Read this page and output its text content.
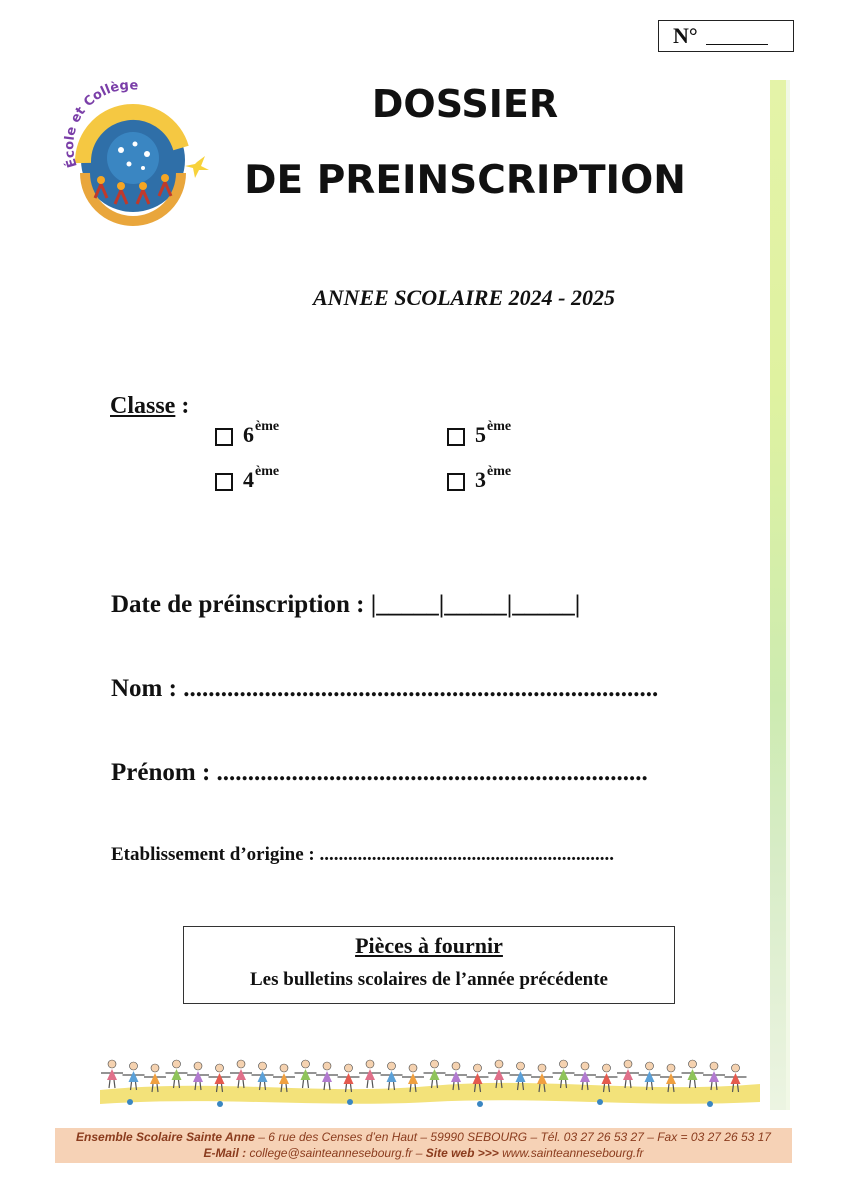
N°
École et Collège	DOSSIER
DE PREINSCRIPTION
ANNEE SCOLAIRE 2024 - 2025
Classe :
6ème	5ème
4ème	3ème
Date de préinscription : |_____|_____|_____|
Nom : ............................................................................
Prénom : .....................................................................
Etablissement d’origine : ..............................................................
Pièces à fournir
Les bulletins scolaires de l’année précédente
Ensemble Scolaire Sainte Anne – 6 rue des Censes d’en Haut – 59990 SEBOURG – Tél. 03 27 26 53 27 – Fax = 03 27 26 53 17
E-Mail : college@sainteannesebourg.fr – Site web >>> www.sainteannesebourg.fr
